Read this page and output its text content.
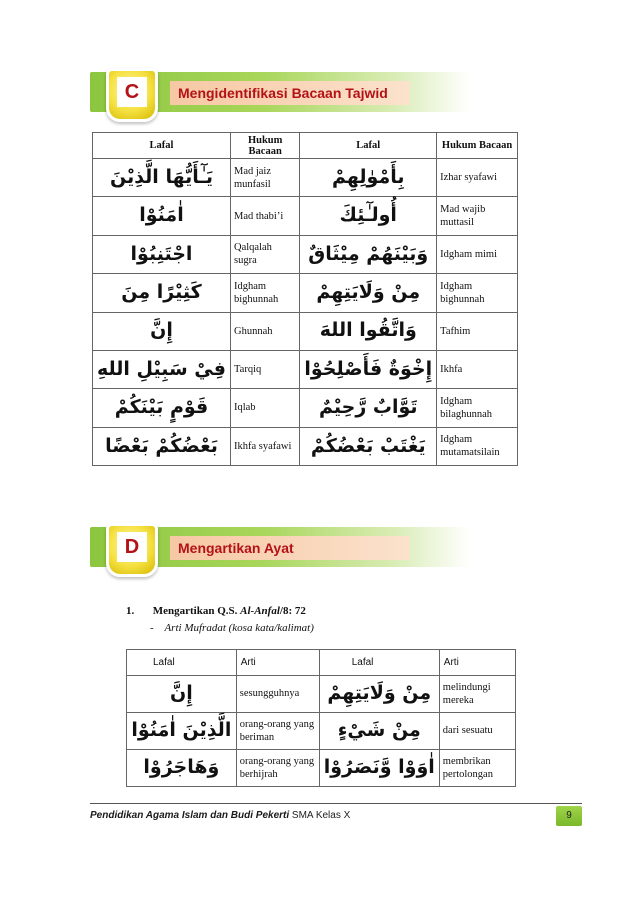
Mengidentifikasi Bacaan Tajwid
C
Lafal	Hukum Bacaan	Lafal	Hukum Bacaan
يَـٰٓأَيُّهَا الَّذِيْنَ	Mad jaiz munfasil	بِأَمْوٰلِهِمْ	Izhar syafawi
اٰمَنُوْا	Mad thabi’i	أُولـٰٓئِكَ	Mad wajib muttasil
اجْتَنِبُوْا	Qalqalah sugra	وَبَيْنَهُمْ مِيْثَاقٌ	Idgham mimi
كَثِيْرًا مِنَ	Idgham bighunnah	مِنْ وَلَايَتِهِمْ	Idgham bighunnah
إِنَّ	Ghunnah	وَاتَّقُوا اللهَ	Tafhim
فِيْ سَبِيْلِ اللهِ	Tarqiq	إِخْوَةٌ فَأَصْلِحُوْا	Ikhfa
قَوْمٍ بَيْنَكُمْ	Iqlab	تَوَّابٌ رَّحِيْمٌ	Idgham bilaghunnah
بَعْضُكُمْ بَعْضًا	Ikhfa syafawi	يَغْتَبْ بَعْضُكُمْ	Idgham mutamatsilain
Mengartikan Ayat
D
1. Mengartikan Q.S. Al-Anfal/8: 72
-    Arti Mufradat (kosa kata/kalimat)
Lafal	Arti	Lafal	Arti
إِنَّ	sesungguhnya	مِنْ وَلَايَتِهِمْ	melindungi mereka
الَّذِيْنَ اٰمَنُوْا	orang-orang yang beriman	مِنْ شَيْءٍ	dari sesuatu
وَهَاجَرُوْا	orang-orang yang berhijrah	اٰوَوْا وَّنَصَرُوْا	membrikan pertolongan
Pendidikan Agama Islam dan Budi Pekerti SMA Kelas X	9
